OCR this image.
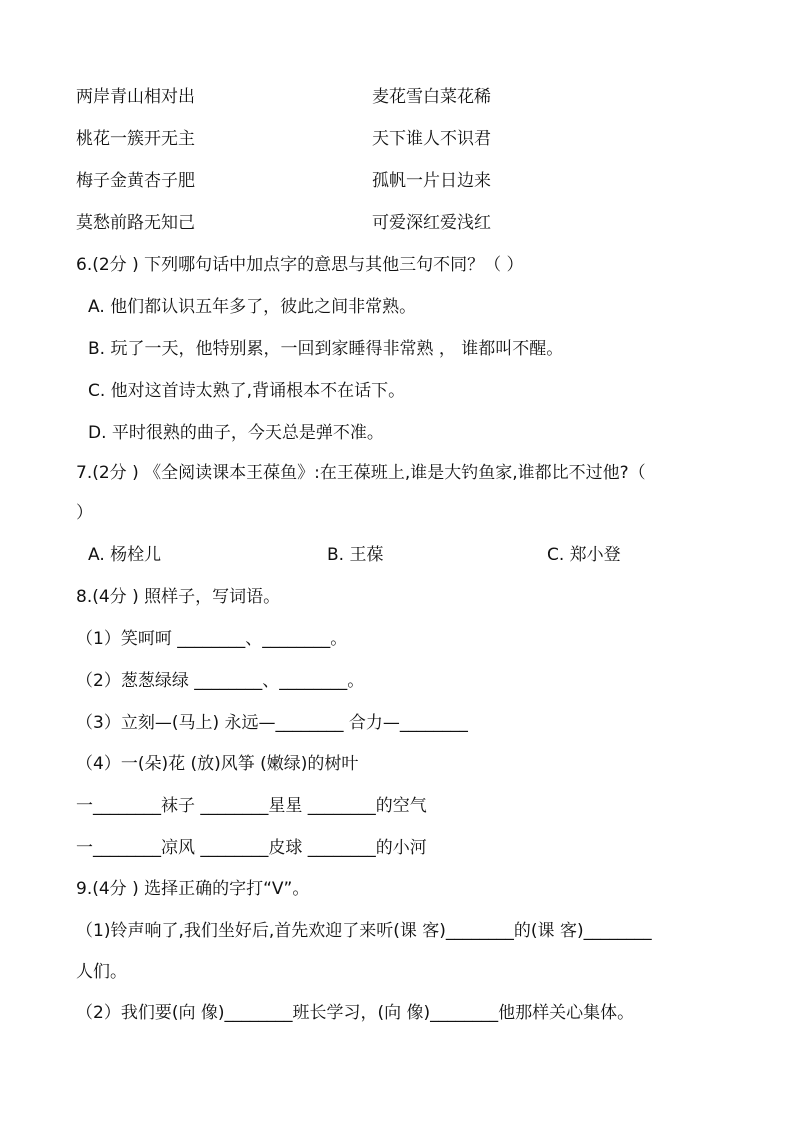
两岸青山相对出	麦花雪白菜花稀
桃花一簇开无主	天下谁人不识君
梅子金黄杏子肥	孤帆一片日边来
莫愁前路无知己	可爱深红爱浅红
6.(2分 ) 下列哪句话中加点字的意思与其他三句不同？（ ）
A. 他们都认识五年多了，彼此之间非常熟。
B. 玩了一天，他特别累，一回到家睡得非常熟 ， 谁都叫不醒。
C. 他对这首诗太熟了,背诵根本不在话下。
D. 平时很熟的曲子，今天总是弹不准。
7.(2分 ) 《全阅读课本王葆鱼》:在王葆班上,谁是大钓鱼家,谁都比不过他?（
）
A. 杨栓儿	B. 王葆	C. 郑小登
8.(4分 ) 照样子，写词语。
（1）笑呵呵 ________、________。
（2）葱葱绿绿 ________、________。
（3）立刻—(马上) 永远—________ 合力—________
（4）一(朵)花 (放)风筝 (嫩绿)的树叶
一________袜子 ________星星 ________的空气
一________凉风 ________皮球 ________的小河
9.(4分 ) 选择正确的字打“V”。
（1)铃声响了,我们坐好后,首先欢迎了来听(课 客)________的(课 客)________
人们。
（2）我们要(向 像)________班长学习，(向 像)________他那样关心集体。
